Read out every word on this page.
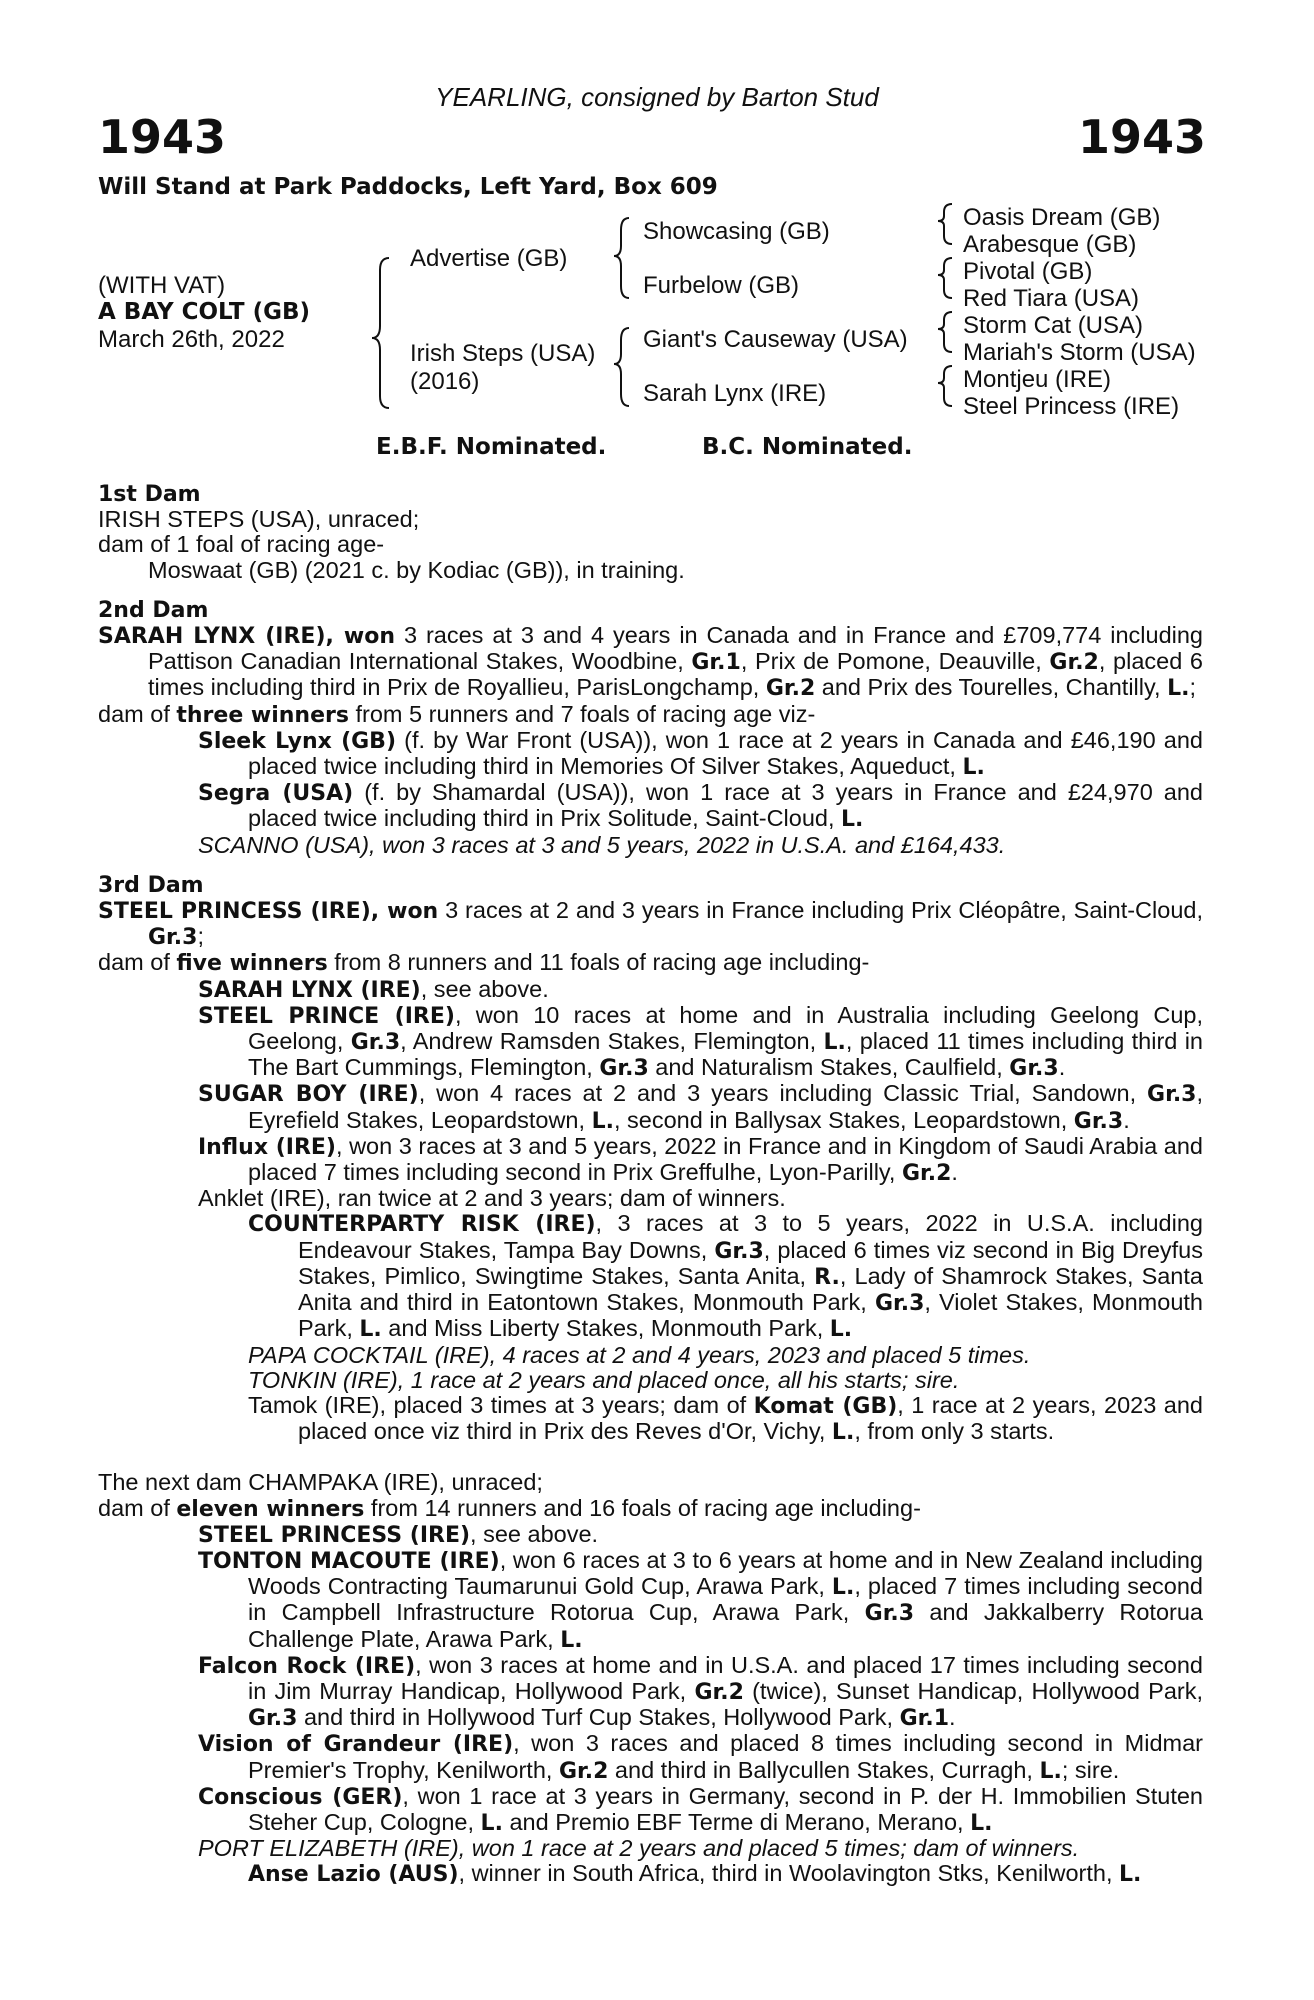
YEARLING, consigned by Barton Stud
1943	1943
Will Stand at Park Paddocks, Left Yard, Box 609
(WITH VAT)
A BAY COLT (GB)
March 26th, 2022
Advertise (GB)
Irish Steps (USA)
(2016)
Showcasing (GB)
Furbelow (GB)
Giant's Causeway (USA)
Sarah Lynx (IRE)
Oasis Dream (GB)
Arabesque (GB)
Pivotal (GB)
Red Tiara (USA)
Storm Cat (USA)
Mariah's Storm (USA)
Montjeu (IRE)
Steel Princess (IRE)
E.B.F. Nominated.	B.C. Nominated.
1st Dam
IRISH STEPS (USA), unraced;
dam of 1 foal of racing age-
Moswaat (GB) (2021 c. by Kodiac (GB)), in training.
2nd Dam
SARAH LYNX (IRE), won 3 races at 3 and 4 years in Canada and in France and £709,774 including Pattison Canadian International Stakes, Woodbine, Gr.1, Prix de Pomone, Deauville, Gr.2, placed 6 times including third in Prix de Royallieu, ParisLongchamp, Gr.2 and Prix des Tourelles, Chantilly, L.;
dam of three winners from 5 runners and 7 foals of racing age viz-
Sleek Lynx (GB) (f. by War Front (USA)), won 1 race at 2 years in Canada and £46,190 and placed twice including third in Memories Of Silver Stakes, Aqueduct, L.
Segra (USA) (f. by Shamardal (USA)), won 1 race at 3 years in France and £24,970 and placed twice including third in Prix Solitude, Saint-Cloud, L.
SCANNO (USA), won 3 races at 3 and 5 years, 2022 in U.S.A. and £164,433.
3rd Dam
STEEL PRINCESS (IRE), won 3 races at 2 and 3 years in France including Prix Cléopâtre, Saint-Cloud, Gr.3;
dam of five winners from 8 runners and 11 foals of racing age including-
SARAH LYNX (IRE), see above.
STEEL PRINCE (IRE), won 10 races at home and in Australia including Geelong Cup, Geelong, Gr.3, Andrew Ramsden Stakes, Flemington, L., placed 11 times including third in The Bart Cummings, Flemington, Gr.3 and Naturalism Stakes, Caulfield, Gr.3.
SUGAR BOY (IRE), won 4 races at 2 and 3 years including Classic Trial, Sandown, Gr.3, Eyrefield Stakes, Leopardstown, L., second in Ballysax Stakes, Leopardstown, Gr.3.
Influx (IRE), won 3 races at 3 and 5 years, 2022 in France and in Kingdom of Saudi Arabia and placed 7 times including second in Prix Greffulhe, Lyon-Parilly, Gr.2.
Anklet (IRE), ran twice at 2 and 3 years; dam of winners.
COUNTERPARTY RISK (IRE), 3 races at 3 to 5 years, 2022 in U.S.A. including Endeavour Stakes, Tampa Bay Downs, Gr.3, placed 6 times viz second in Big Dreyfus Stakes, Pimlico, Swingtime Stakes, Santa Anita, R., Lady of Shamrock Stakes, Santa Anita and third in Eatontown Stakes, Monmouth Park, Gr.3, Violet Stakes, Monmouth Park, L. and Miss Liberty Stakes, Monmouth Park, L.
PAPA COCKTAIL (IRE), 4 races at 2 and 4 years, 2023 and placed 5 times.
TONKIN (IRE), 1 race at 2 years and placed once, all his starts; sire.
Tamok (IRE), placed 3 times at 3 years; dam of Komat (GB), 1 race at 2 years, 2023 and placed once viz third in Prix des Reves d'Or, Vichy, L., from only 3 starts.
The next dam CHAMPAKA (IRE), unraced;
dam of eleven winners from 14 runners and 16 foals of racing age including-
STEEL PRINCESS (IRE), see above.
TONTON MACOUTE (IRE), won 6 races at 3 to 6 years at home and in New Zealand including Woods Contracting Taumarunui Gold Cup, Arawa Park, L., placed 7 times including second in Campbell Infrastructure Rotorua Cup, Arawa Park, Gr.3 and Jakkalberry Rotorua Challenge Plate, Arawa Park, L.
Falcon Rock (IRE), won 3 races at home and in U.S.A. and placed 17 times including second in Jim Murray Handicap, Hollywood Park, Gr.2 (twice), Sunset Handicap, Hollywood Park, Gr.3 and third in Hollywood Turf Cup Stakes, Hollywood Park, Gr.1.
Vision of Grandeur (IRE), won 3 races and placed 8 times including second in Midmar Premier's Trophy, Kenilworth, Gr.2 and third in Ballycullen Stakes, Curragh, L.; sire.
Conscious (GER), won 1 race at 3 years in Germany, second in P. der H. Immobilien Stuten Steher Cup, Cologne, L. and Premio EBF Terme di Merano, Merano, L.
PORT ELIZABETH (IRE), won 1 race at 2 years and placed 5 times; dam of winners.
Anse Lazio (AUS), winner in South Africa, third in Woolavington Stks, Kenilworth, L.
